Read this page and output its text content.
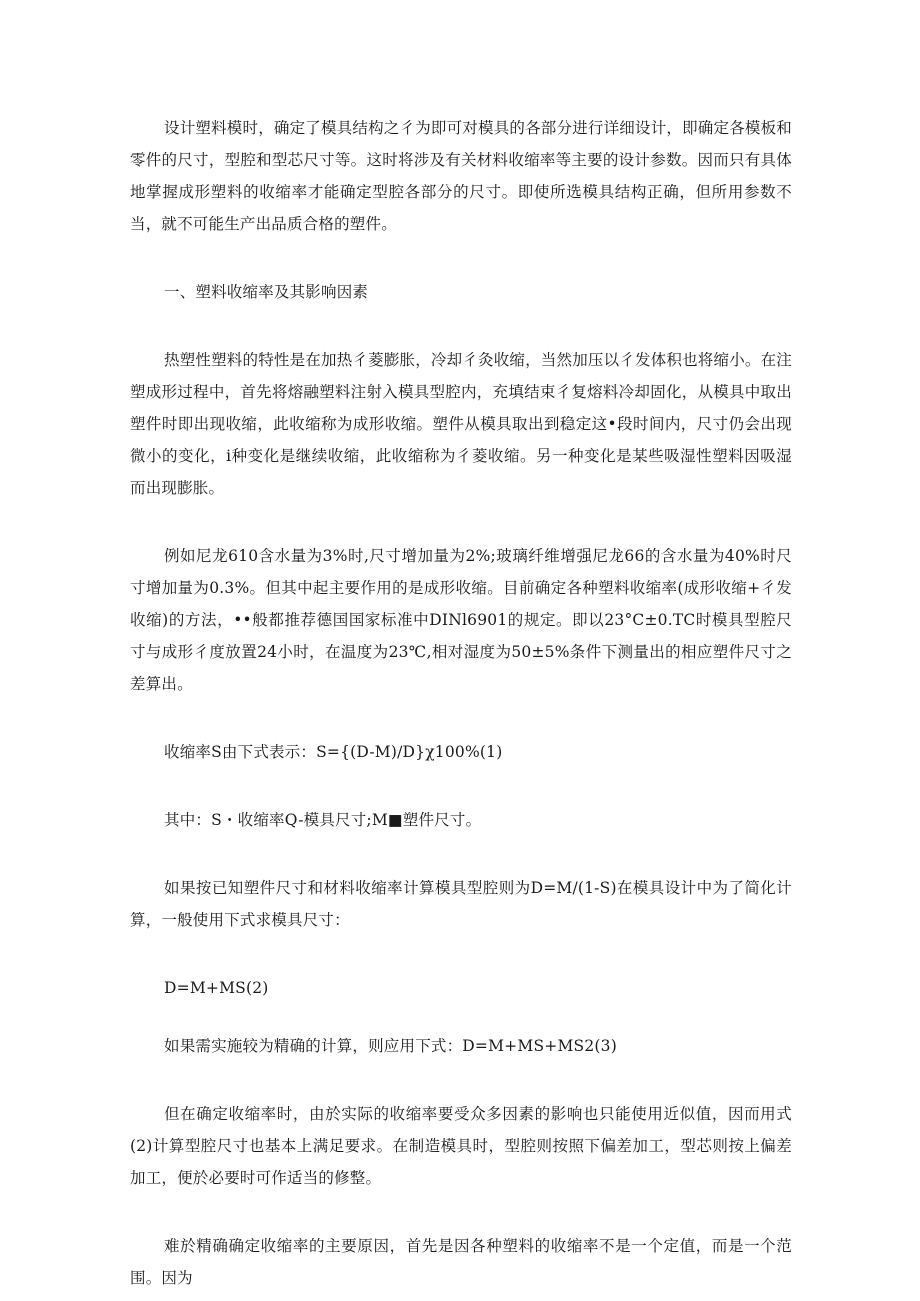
设计塑料模时，确定了模具结构之彳为即可对模具的各部分进行详细设计，即确定各模板和零件的尺寸，型腔和型芯尺寸等。这时将涉及有关材料收缩率等主要的设计参数。因而只有具体地掌握成形塑料的收缩率才能确定型腔各部分的尺寸。即使所选模具结构正确，但所用参数不当，就不可能生产出品质合格的塑件。

一、塑料收缩率及其影响因素

热塑性塑料的特性是在加热彳菱膨胀，冷却彳灸收缩，当然加压以彳发体积也将缩小。在注塑成形过程中，首先将熔融塑料注射入模具型腔内，充填结束彳复熔料冷却固化，从模具中取出塑件时即出现收缩，此收缩称为成形收缩。塑件从模具取出到稳定这•段时间内，尺寸仍会出现微小的变化，i种变化是继续收缩，此收缩称为彳菱收缩。另一种变化是某些吸湿性塑料因吸湿而出现膨胀。

例如尼龙610含水量为3%时,尺寸增加量为2%;玻璃纤维增强尼龙66的含水量为40%时尺寸增加量为0.3%。但其中起主要作用的是成形收缩。目前确定各种塑料收缩率(成形收缩+彳发收缩)的方法，••般都推荐德国国家标准中DINl6901的规定。即以23°C±0.TC时模具型腔尺寸与成形彳度放置24小时，在温度为23℃,相对湿度为50±5%条件下测量出的相应塑件尺寸之差算出。

收缩率S由下式表示：S={(D-M)∕D}χ100%(1)

其中：S・收缩率Q-模具尺寸;M■塑件尺寸。

如果按已知塑件尺寸和材料收缩率计算模具型腔则为D=M/(1-S)在模具设计中为了简化计算，一般使用下式求模具尺寸：

D=M+MS(2)

如果需实施较为精确的计算，则应用下式：D=M+MS+MS2(3)

但在确定收缩率时，由於实际的收缩率要受众多因素的影响也只能使用近似值，因而用式(2)计算型腔尺寸也基本上满足要求。在制造模具时，型腔则按照下偏差加工，型芯则按上偏差加工，便於必要时可作适当的修整。

难於精确确定收缩率的主要原因，首先是因各种塑料的收缩率不是一个定值，而是一个范围。因为
